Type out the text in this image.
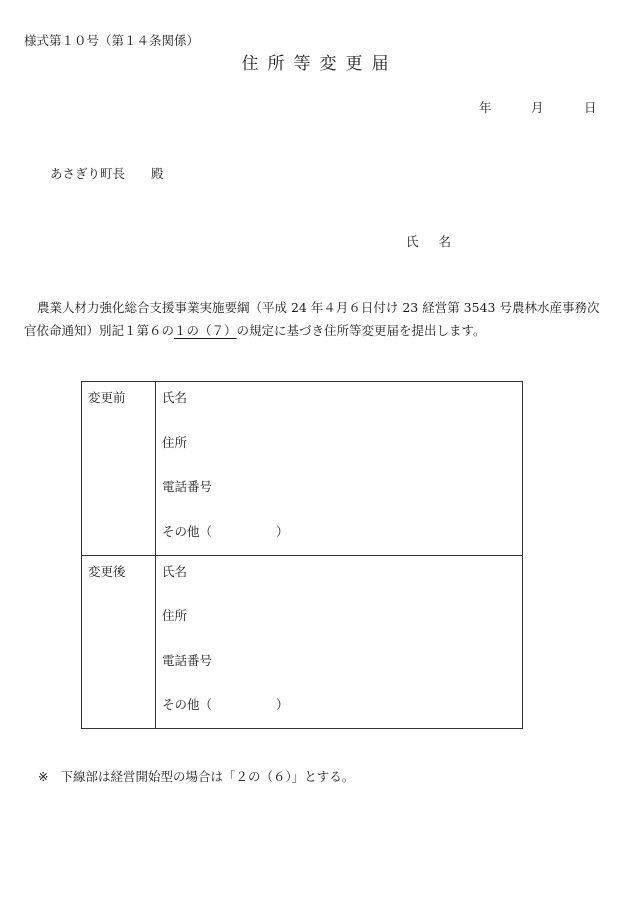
様式第１０号（第１４条関係）
住所等変更届
年	月	日
あさぎり町長 殿
氏 名
農業人材力強化総合支援事業実施要綱（平成 24 年４月６日付け 23 経営第 3543 号農林水産事務次官依命通知）別記１第６の１の（７）の規定に基づき住所等変更届を提出します。
変更前	氏名
住所
電話番号
その他（ ）

変更後	氏名
住所
電話番号
その他（ ）
※ 下線部は経営開始型の場合は「２の（６）」とする。
